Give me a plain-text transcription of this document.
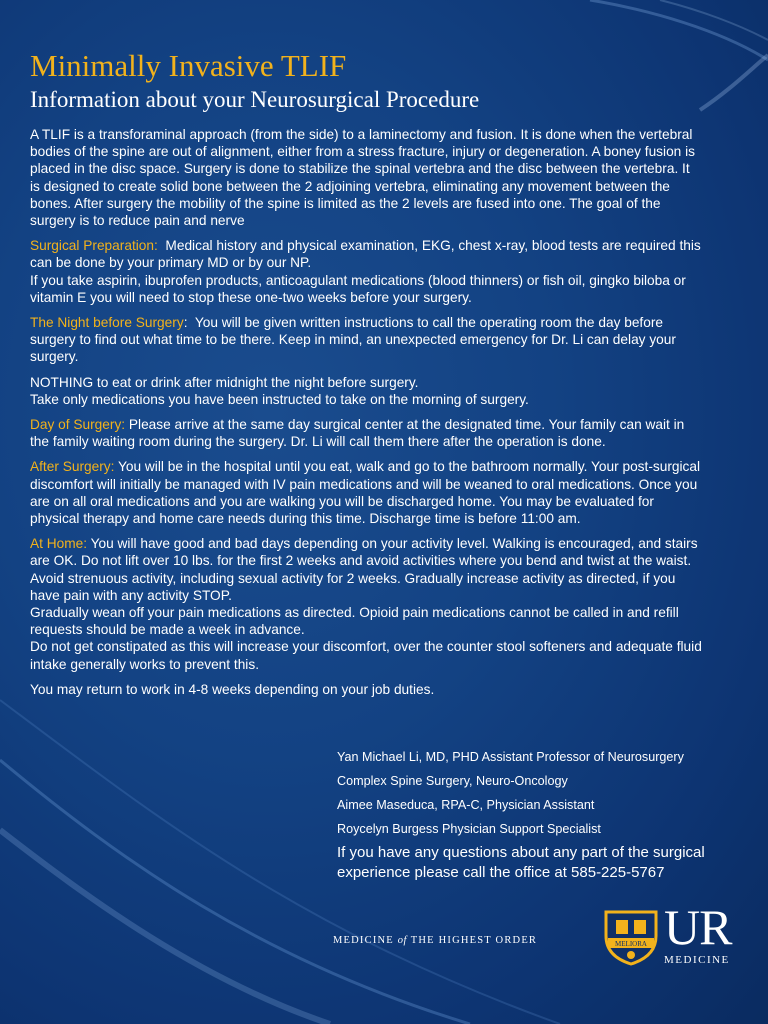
Minimally Invasive TLIF
Information about your Neurosurgical Procedure
A TLIF is a transforaminal approach (from the side) to a laminectomy and fusion. It is done when the vertebral
bodies of the spine are out of alignment, either from a stress fracture, injury or degeneration. A boney fusion is
placed in the disc space. Surgery is done to stabilize the spinal vertebra and the disc between the vertebra. It
is designed to create solid bone between the 2 adjoining vertebra, eliminating any movement between the
bones. After surgery the mobility of the spine is limited as the 2 levels are fused into one. The goal of the
surgery is to reduce pain and nerve
Surgical Preparation:  Medical history and physical examination, EKG, chest x-ray, blood tests are required this
can be done by your primary MD or by our NP.
If you take aspirin, ibuprofen products, anticoagulant medications (blood thinners) or fish oil, gingko biloba or
vitamin E you will need to stop these one-two weeks before your surgery.
The Night before Surgery:  You will be given written instructions to call the operating room the day before
surgery to find out what time to be there. Keep in mind, an unexpected emergency for Dr. Li can delay your
surgery.
NOTHING to eat or drink after midnight the night before surgery.
Take only medications you have been instructed to take on the morning of surgery.
Day of Surgery: Please arrive at the same day surgical center at the designated time. Your family can wait in
the family waiting room during the surgery. Dr. Li will call them there after the operation is done.
After Surgery: You will be in the hospital until you eat, walk and go to the bathroom normally. Your post-surgical
discomfort will initially be managed with IV pain medications and will be weaned to oral medications. Once you
are on all oral medications and you are walking you will be discharged home. You may be evaluated for
physical therapy and home care needs during this time. Discharge time is before 11:00 am.
At Home: You will have good and bad days depending on your activity level. Walking is encouraged, and stairs
are OK. Do not lift over 10 lbs. for the first 2 weeks and avoid activities where you bend and twist at the waist.
Avoid strenuous activity, including sexual activity for 2 weeks. Gradually increase activity as directed, if you
have pain with any activity STOP.
Gradually wean off your pain medications as directed. Opioid pain medications cannot be called in and refill
requests should be made a week in advance.
Do not get constipated as this will increase your discomfort, over the counter stool softeners and adequate fluid
intake generally works to prevent this.
You may return to work in 4-8 weeks depending on your job duties.
Yan Michael Li, MD, PHD Assistant Professor of Neurosurgery
Complex Spine Surgery, Neuro-Oncology
Aimee Maseduca, RPA-C, Physician Assistant
Roycelyn Burgess Physician Support Specialist
If you have any questions about any part of the surgical
experience please call the office at 585-225-5767
MEDICINE of THE HIGHEST ORDER	MELIORA UR
MEDICINE
